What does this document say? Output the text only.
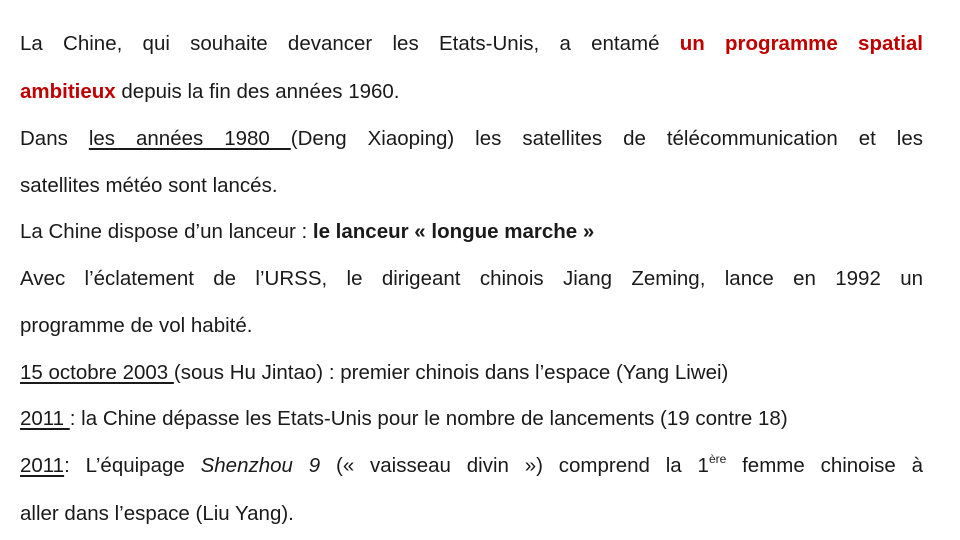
La Chine, qui souhaite devancer les Etats-Unis, a entamé un programme spatial

ambitieux depuis la fin des années 1960.

Dans les années 1980 (Deng Xiaoping) les satellites de télécommunication et les

satellites météo sont lancés.

La Chine dispose d’un lanceur : le lanceur « longue marche »

Avec l’éclatement de l’URSS, le dirigeant chinois Jiang Zeming, lance en 1992 un

programme de vol habité.

15 octobre 2003 (sous Hu Jintao) : premier chinois dans l’espace (Yang Liwei)

2011 : la Chine dépasse les Etats-Unis pour le nombre de lancements (19 contre 18)

2011: L’équipage Shenzhou 9 (« vaisseau divin ») comprend la 1ère femme chinoise à

aller dans l’espace (Liu Yang).
